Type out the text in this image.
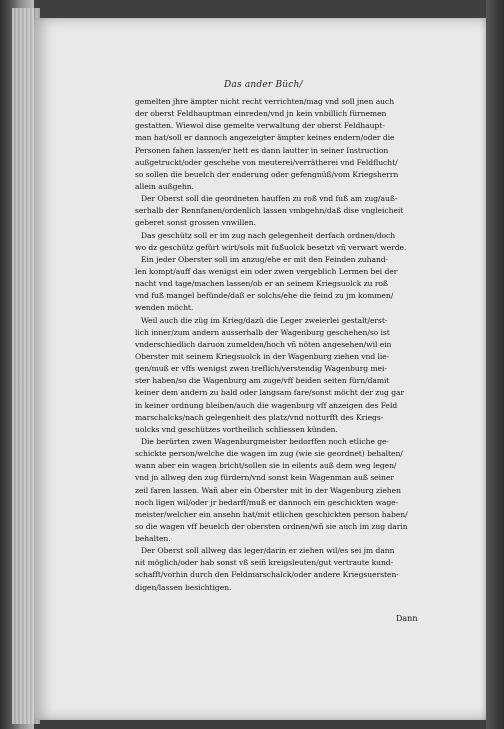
Das ander Büch/
gemelten jhre ämpter nicht recht verrichten/mag vnd soll jnen auch
der oberst Feldhauptman einreden/vnd jn kein vnbillich fürnemen
gestatten. Wiewol dise gemelte verwaltung der oberst Feldhaupt-
man hat/soll er dannoch angezeigter ämpter keines endern/oder die
Personen fahen lassen/er hett es dann lautter in seiner Instruction
außgetruckt/oder geschehe von meuterei/verrätherei vnd Feldflucht/
so sollen die beuelch der enderung oder gefengnüß/vom Kriegsherrn
allein außgehn.
Der Oberst soll die geordneten hauffen zu roß vnd fuß am zug/auß-
serhalb der Rennfanen/ordenlich lassen vmbgehn/daß dise vngleicheit
geberet sonst grossen vnwillen.
Das geschütz soll er im zug nach gelegenheit derfach ordnen/doch
wo dz geschütz gefürt wirt/sols mit fußuolck besetzt vñ verwart werde.
Ein jeder Oberster soll im anzug/ehe er mit den Feinden zuhand-
len kompt/auff das wenigst ein oder zwen vergeblich Lermen bei der
nacht vnd tage/machen lassen/ob er an seinem Kriegsuolck zu roß
vnd fuß mangel befünde/daß er solchs/ehe die feind zu jm kommen/
wenden möcht.
Weil auch die züg im Krieg/dazü die Leger zweierlei gestalt/erst-
lich inner/zum andern ausserhalb der Wagenburg geschehen/so ist
vnderschiedlich daruon zumelden/hoch vñ nöten angesehen/wil ein
Oberster mit seinem Kriegsuolck in der Wagenburg ziehen vnd lie-
gen/muß er vffs wenigst zwen treflich/verstendig Wagenburg mei-
ster haben/so die Wagenburg am zuge/vff beiden seiten fürn/damit
keiner dem andern zu bald oder langsam fare/sonst möcht der zug gar
in keiner ordnung bleiben/auch die wagenburg vff anzeigen des Feld
marschalcks/nach gelegenheit des platz/vnd notturfft des Kriegs-
uolcks vnd geschützes vortheilich schliessen künden.
Die berürten zwen Wagenburgmeister bedorffen noch etliche ge-
schickte person/welche die wagen im zug (wie sie geordnet) behalten/
wann aber ein wagen bricht/sollen sie in eilents auß dem weg legen/
vnd jn allweg den zug fürdern/vnd sonst kein Wagenman auß seiner
zeil faren lassen. Wañ aber ein Oberster mit in der Wagenburg ziehen
noch ligen wil/oder jr bedarff/muß er dannoch ein geschickten wage-
meister/welcher ein ansehn hat/mit etlichen geschickten person haben/
so die wagen vff beuelch der obersten ordnen/wñ sie auch im zug darin
behalten.
Der Oberst soll allweg das leger/darin er ziehen wil/es sei jm dann
nit möglich/oder hab sonst vß seiñ kreigsleuten/gut vertraute kund-
schafft/vorhin durch den Feldmarschalck/oder andere Kriegsuersten-
digen/lassen besichtigen.
Dann
